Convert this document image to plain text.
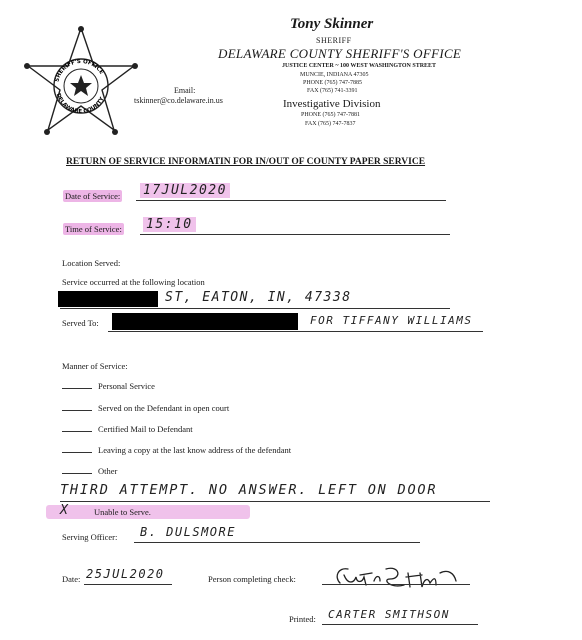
SHERIFF'S OFFICE
DELAWARE COUNTY
Tony Skinner
SHERIFF
DELAWARE COUNTY SHERIFF'S OFFICE
JUSTICE CENTER ~ 100 WEST WASHINGTON STREET
MUNCIE, INDIANA 47305
PHONE (765) 747-7885
FAX (765) 741-3391
Email:
tskinner@co.delaware.in.us	Investigative Division
PHONE (765) 747-7881
FAX (765) 747-7837
RETURN OF SERVICE INFORMATIN FOR IN/OUT OF COUNTY PAPER SERVICE
Date of Service: 17JUL2020
Time of Service: 15:10
Location Served:
Service occurred at the following location
ST, EATON, IN, 47338
Served To:	FOR TIFFANY WILLIAMS
Manner of Service:
Personal Service
Served on the Defendant in open court
Certified Mail to Defendant
Leaving a copy at the last know address of the defendant
Other
THIRD ATTEMPT. NO ANSWER. LEFT ON DOOR
X	Unable to Serve.
Serving Officer: B. DULSMORE
Date: 25JUL2020	Person completing check:
Printed: CARTER SMITHSON
